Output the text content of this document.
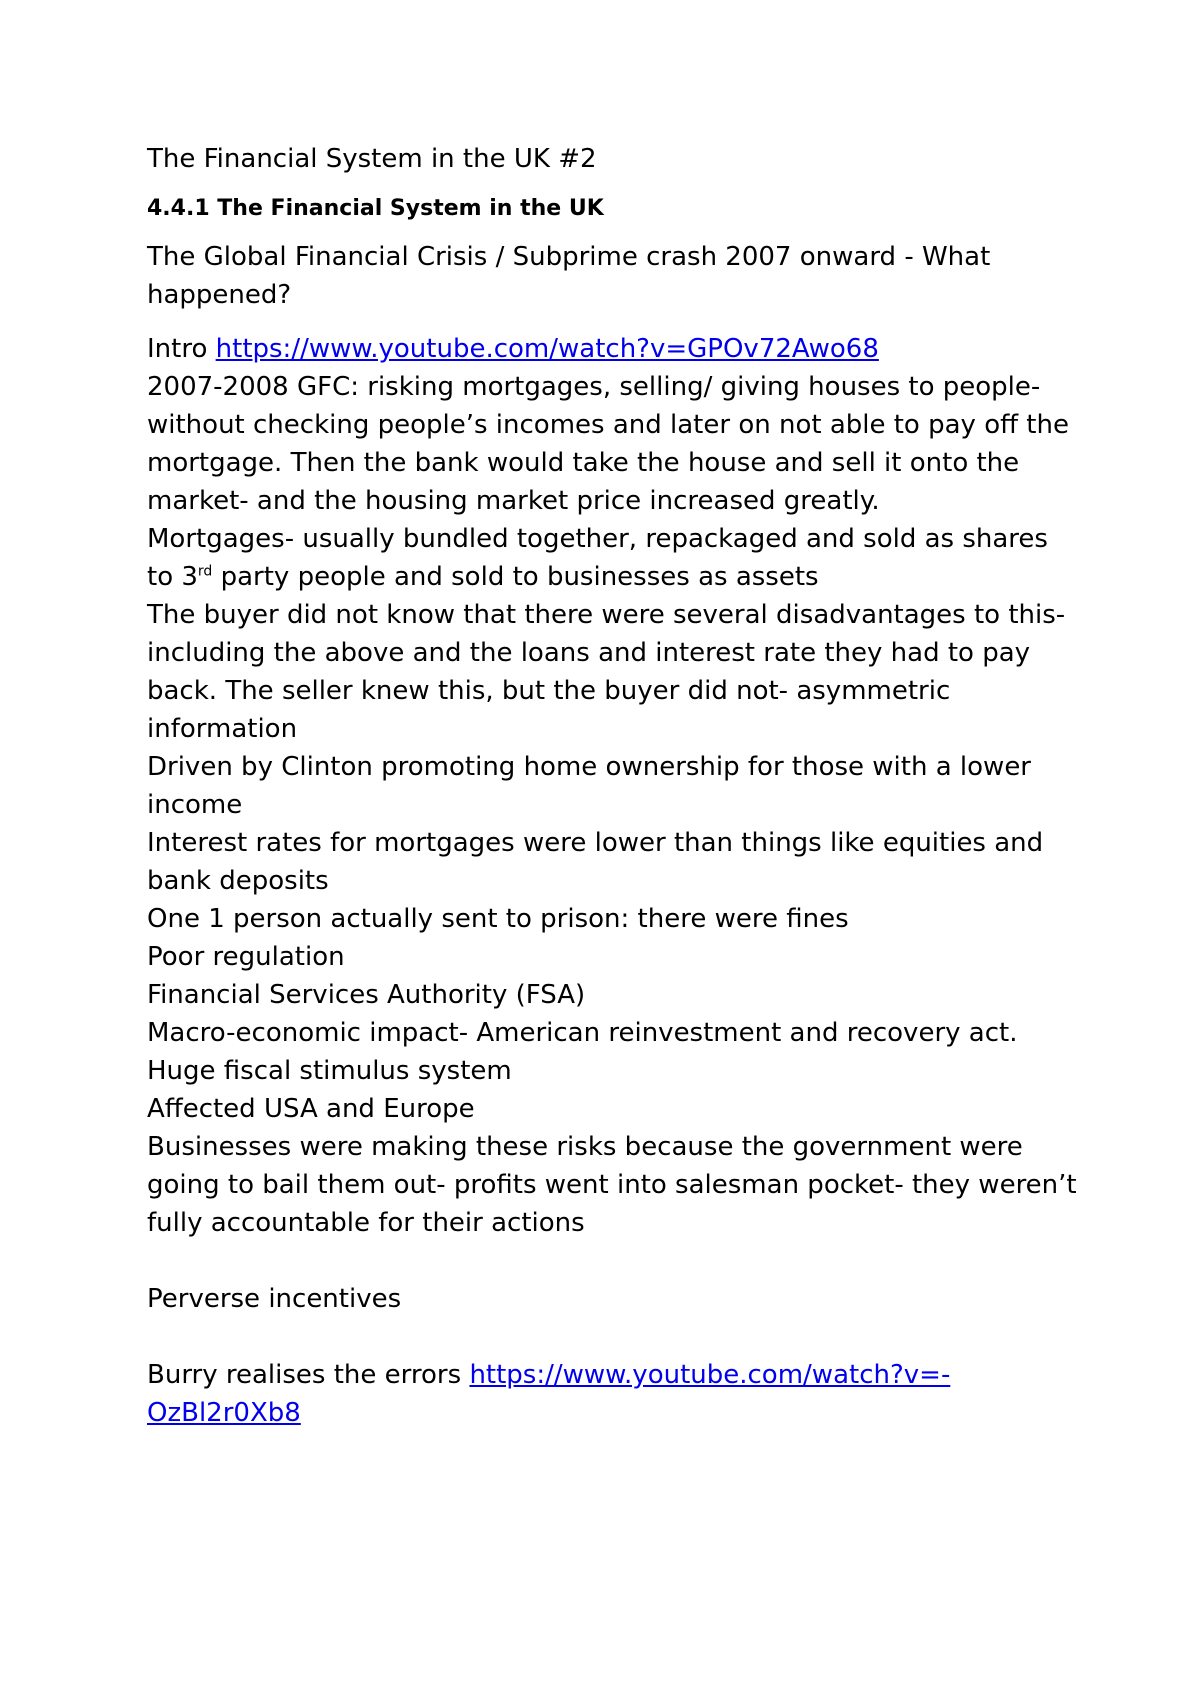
The Financial System in the UK #2
4.4.1 The Financial System in the UK

The Global Financial Crisis / Subprime crash 2007 onward - What happened?

Intro https://www.youtube.com/watch?v=GPOv72Awo68
2007-2008 GFC: risking mortgages, selling/ giving houses to people- without checking people’s incomes and later on not able to pay off the mortgage. Then the bank would take the house and sell it onto the market- and the housing market price increased greatly.
Mortgages- usually bundled together, repackaged and sold as shares to 3rd party people and sold to businesses as assets
The buyer did not know that there were several disadvantages to this- including the above and the loans and interest rate they had to pay back. The seller knew this, but the buyer did not- asymmetric information
Driven by Clinton promoting home ownership for those with a lower income
Interest rates for mortgages were lower than things like equities and bank deposits
One 1 person actually sent to prison: there were fines
Poor regulation
Financial Services Authority (FSA)
Macro-economic impact- American reinvestment and recovery act. Huge fiscal stimulus system
Affected USA and Europe
Businesses were making these risks because the government were going to bail them out- profits went into salesman pocket- they weren’t fully accountable for their actions
Perverse incentives
Burry realises the errors https://www.youtube.com/watch?v=-OzBl2r0Xb8
